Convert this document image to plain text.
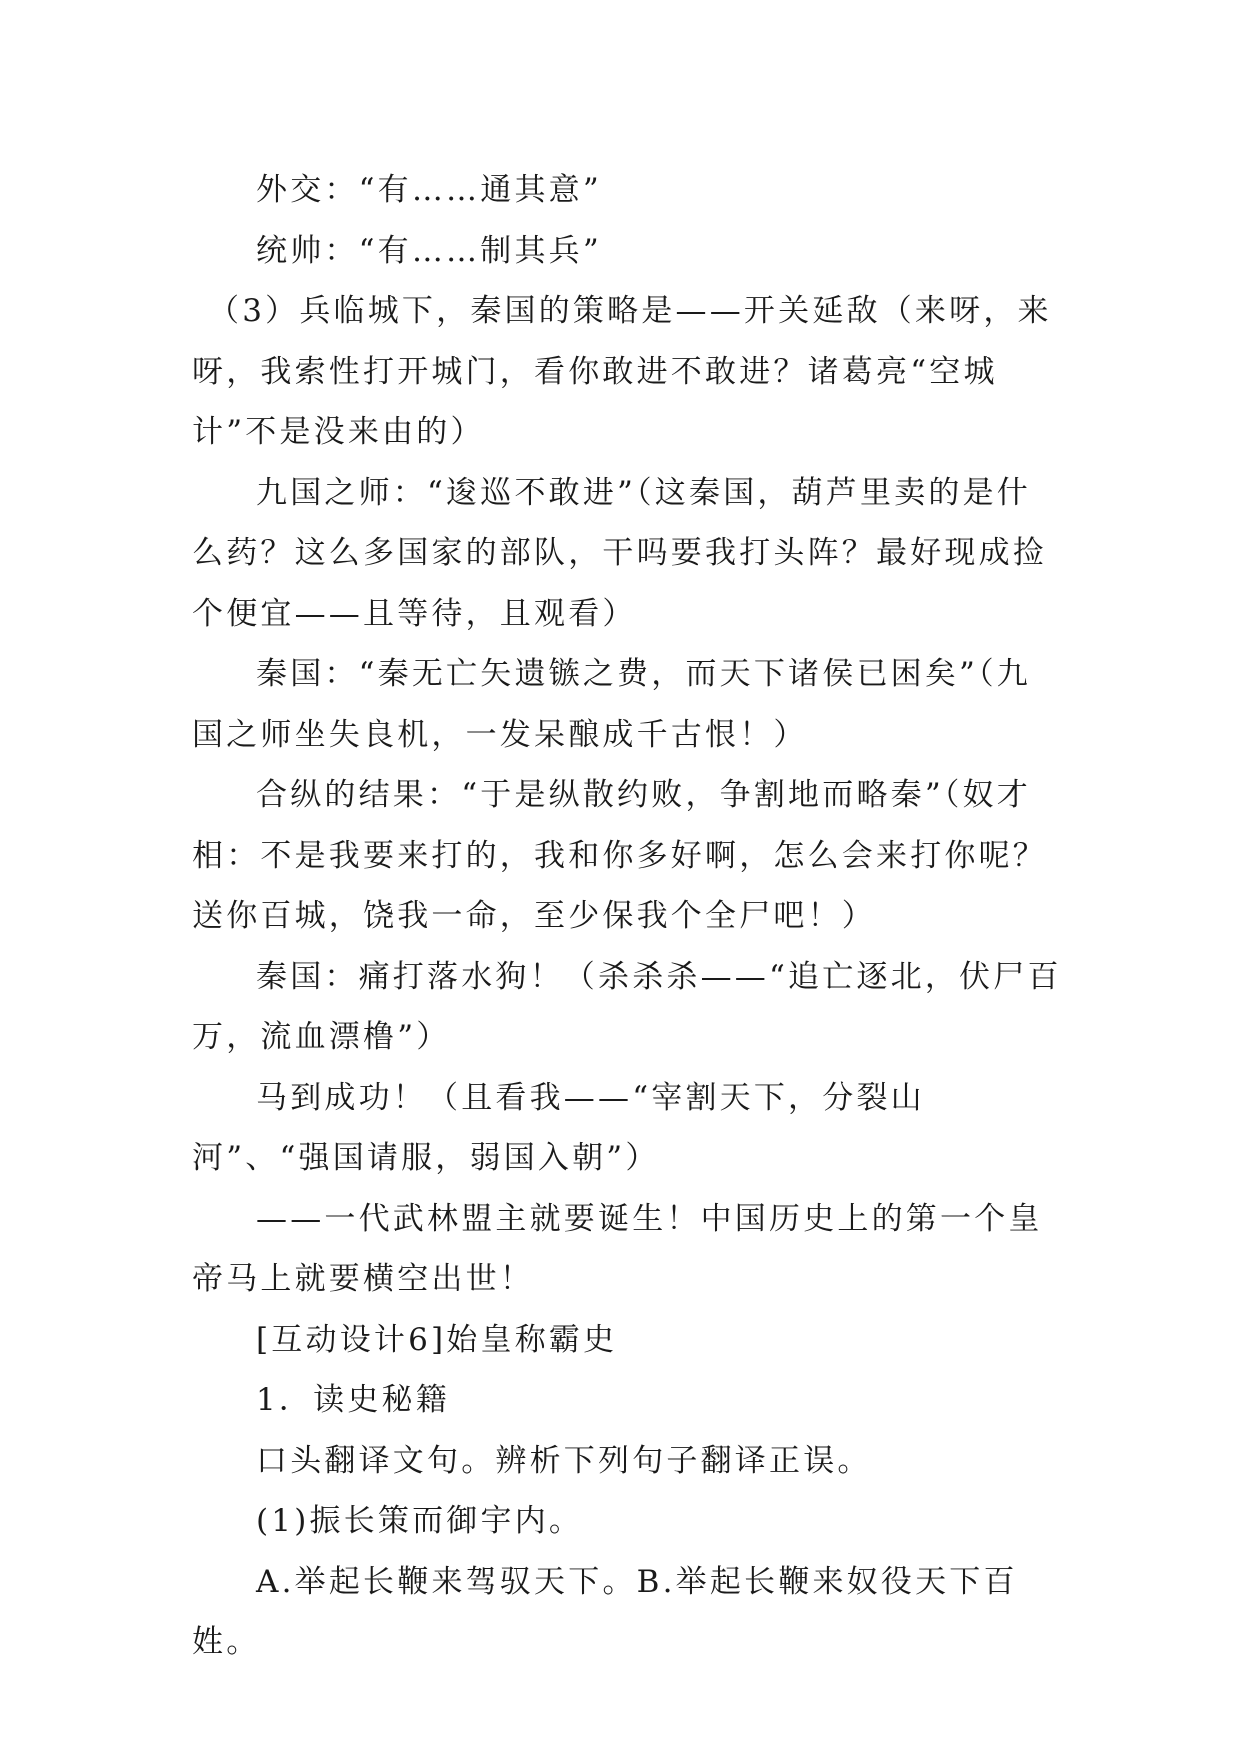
外交：“有……通其意”

统帅：“有……制其兵”

（3）兵临城下，秦国的策略是——开关延敌（来呀，来呀，我索性打开城门，看你敢进不敢进？诸葛亮“空城计”不是没来由的）

九国之师：“逡巡不敢进”（这秦国，葫芦里卖的是什么药？这么多国家的部队，干吗要我打头阵？最好现成捡个便宜——且等待，且观看）

秦国：“秦无亡矢遗镞之费，而天下诸侯已困矣”（九国之师坐失良机，一发呆酿成千古恨！）

合纵的结果：“于是纵散约败，争割地而略秦”（奴才相：不是我要来打的，我和你多好啊，怎么会来打你呢？送你百城，饶我一命，至少保我个全尸吧！）

秦国：痛打落水狗！（杀杀杀——“追亡逐北，伏尸百万，流血漂橹”）

马到成功！（且看我——“宰割天下，分裂山河”、“强国请服，弱国入朝”）

——一代武林盟主就要诞生！中国历史上的第一个皇帝马上就要横空出世！

[互动设计6]始皇称霸史

1．读史秘籍

口头翻译文句。辨析下列句子翻译正误。

(1)振长策而御宇内。

A.举起长鞭来驾驭天下。B.举起长鞭来奴役天下百姓。
